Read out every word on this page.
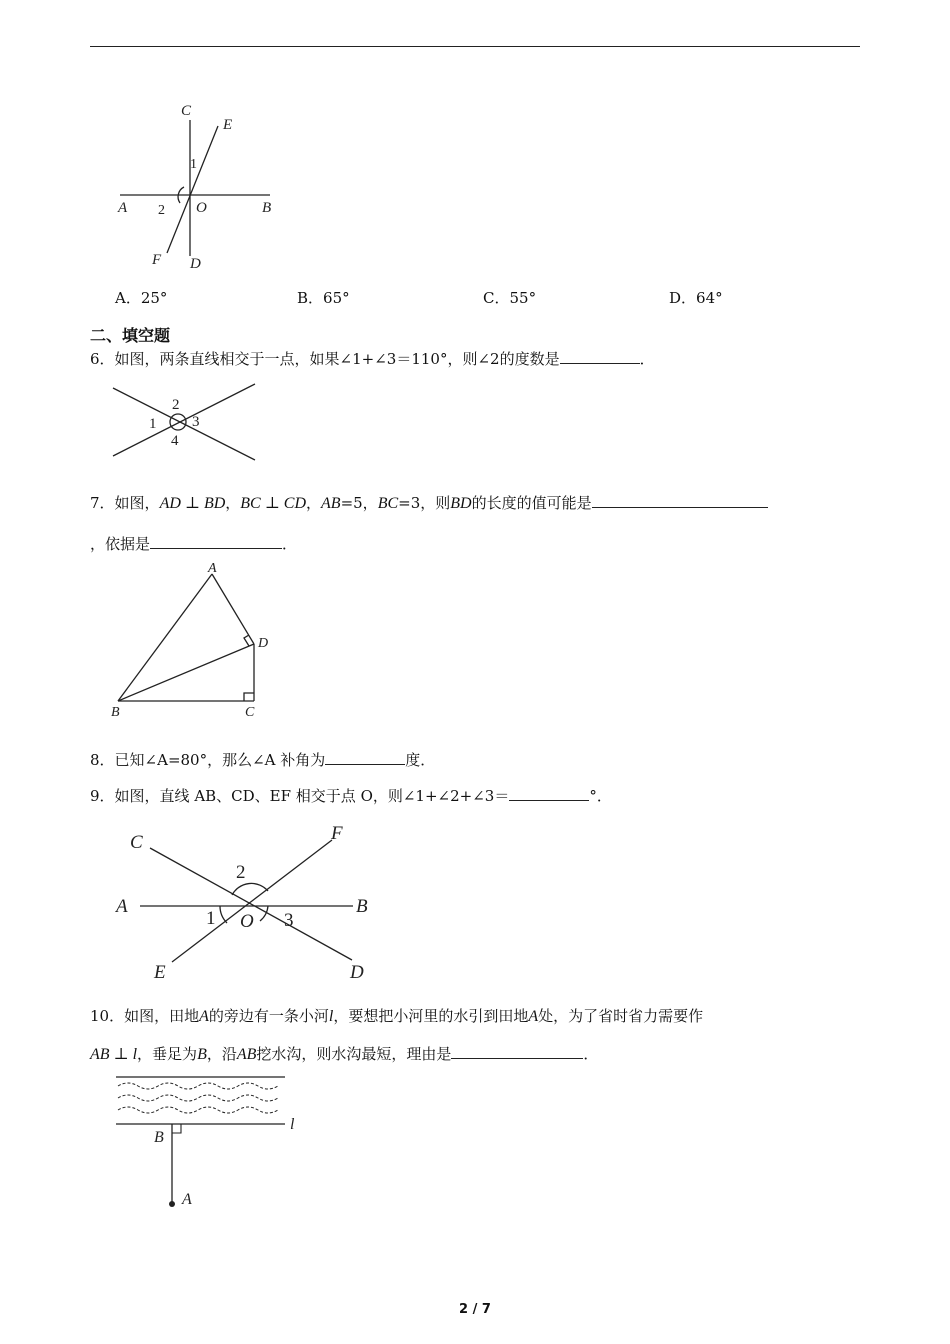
C
E
A	O	B
F D
1
2
A．25°	B．65°	C．55°	D．64°
二、填空题
6．如图，两条直线相交于一点，如果∠1+∠3＝110°，则∠2的度数是	．
2
1 3
4
7．如图，AD ⊥ BD，BC ⊥ CD，AB=5，BC=3，则BD的长度的值可能是
，依据是	．
A
D
B	C
8．已知∠A=80°，那么∠A 补角为	度．
9．如图，直线 AB、CD、EF 相交于点 O，则∠1+∠2+∠3＝	°．
C	F
A	B
O
E	D
2
1	3
10．如图，田地A的旁边有一条小河l，要想把小河里的水引到田地A处，为了省时省力需要作
AB ⊥ l，垂足为B，沿AB挖水沟，则水沟最短，理由是	．
B
l
A
2 / 7
